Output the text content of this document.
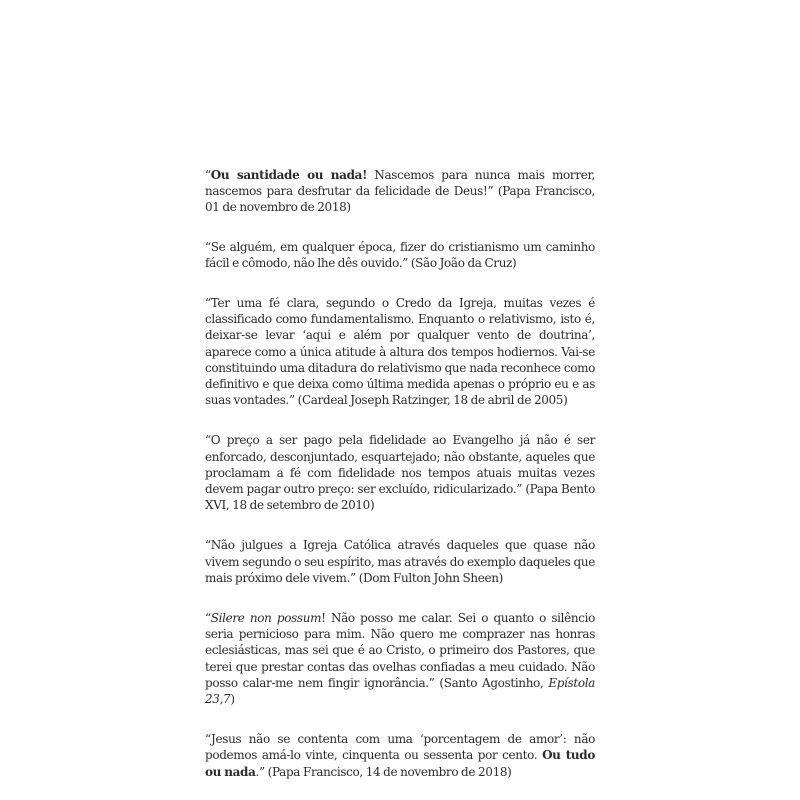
“Ou santidade ou nada! Nascemos para nunca mais morrer, nascemos para desfrutar da felicidade de Deus!” (Papa Francisco, 01 de novembro de 2018)

“Se alguém, em qualquer época, fizer do cristianismo um caminho fácil e cômodo, não lhe dês ouvido.” (São João da Cruz)

“Ter uma fé clara, segundo o Credo da Igreja, muitas vezes é classificado como fundamentalismo. Enquanto o relativismo, isto é, deixar-se levar ‘aqui e além por qualquer vento de doutrina’, aparece como a única atitude à altura dos tempos hodiernos. Vai-se constituindo uma ditadura do relativismo que nada reconhece como definitivo e que deixa como última medida apenas o próprio eu e as suas vontades.” (Cardeal Joseph Ratzinger, 18 de abril de 2005)

“O preço a ser pago pela fidelidade ao Evangelho já não é ser enforcado, desconjuntado, esquartejado; não obstante, aqueles que proclamam a fé com fidelidade nos tempos atuais muitas vezes devem pagar outro preço: ser excluído, ridicularizado.” (Papa Bento XVI, 18 de setembro de 2010)

“Não julgues a Igreja Católica através daqueles que quase não vivem segundo o seu espírito, mas através do exemplo daqueles que mais próximo dele vivem.” (Dom Fulton John Sheen)

“Silere non possum! Não posso me calar. Sei o quanto o silêncio seria pernicioso para mim. Não quero me comprazer nas honras eclesiásticas, mas sei que é ao Cristo, o primeiro dos Pastores, que terei que prestar contas das ovelhas confiadas a meu cuidado. Não posso calar-me nem fingir ignorância.” (Santo Agostinho, Epístola 23,7)

“Jesus não se contenta com uma ‘porcentagem de amor’: não podemos amá-lo vinte, cinquenta ou sessenta por cento. Ou tudo ou nada.” (Papa Francisco, 14 de novembro de 2018)
